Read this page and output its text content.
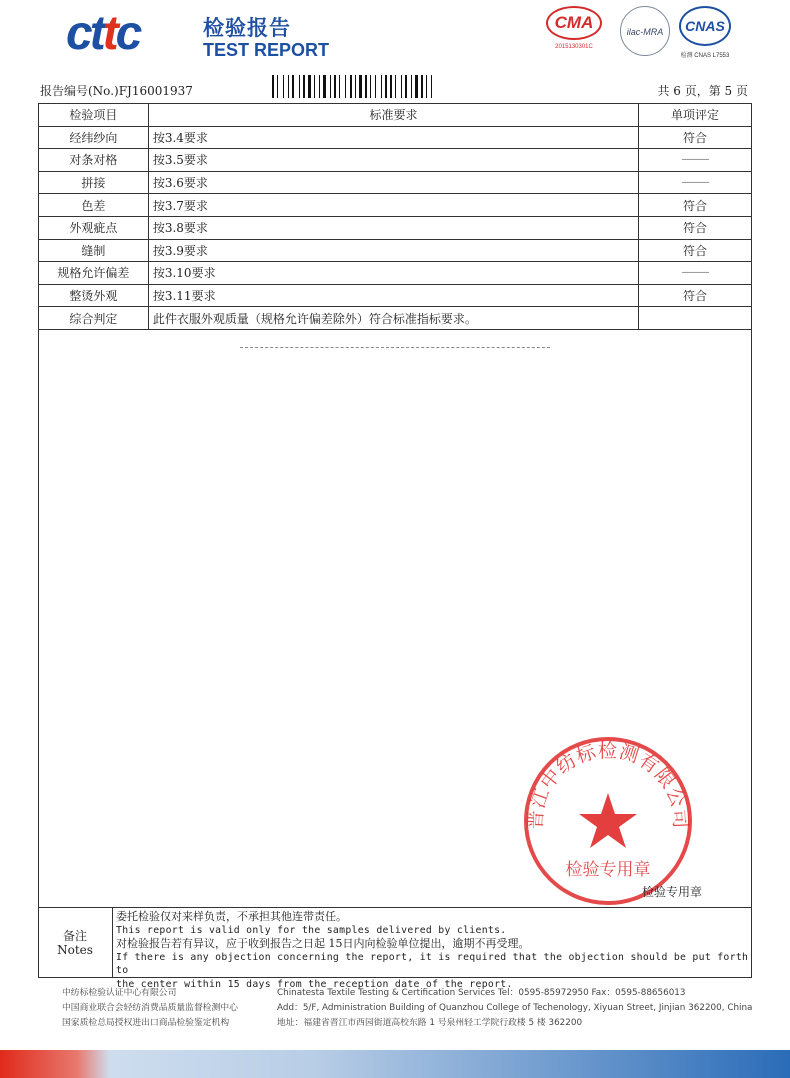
cttc	检验报告
TEST REPORT
CMA
2015130301C
ilac-MRA	CNAS
检测 CNAS L7553
报告编号(No.)FJ16001937	共 6 页，第 5 页
检验项目	标准要求	单项评定
经纬纱向	按3.4要求	符合
对条对格	按3.5要求	———
拼接	按3.6要求	———
色差	按3.7要求	符合
外观疵点	按3.8要求	符合
缝制	按3.9要求	符合
规格允许偏差	按3.10要求	———
整烫外观	按3.11要求	符合
综合判定	此件衣服外观质量（规格允许偏差除外）符合标准指标要求。	
晋江中纺标检测有限公司
检验专用章
检验专用章
备注
Notes
委托检验仅对来样负责，不承担其他连带责任。
This report is valid only for the samples delivered by clients.
对检验报告若有异议，应于收到报告之日起 15日内向检验单位提出，逾期不再受理。
If there is any objection concerning the report, it is required that the objection should be put forth to
the center within 15 days from the reception date of the report.
中纺标检验认证中心有限公司
中国商业联合会轻纺消费品质量监督检测中心
国家质检总局授权进出口商品检验鉴定机构
Chinatesta Textile Testing & Certification Services Tel：0595-85972950 Fax：0595-88656013
Add：5/F, Administration Building of Quanzhou College of Techenology, Xiyuan Street, Jinjian 362200, China
地址：福建省晋江市西园街道高校东路 1 号泉州轻工学院行政楼 5 楼 362200
